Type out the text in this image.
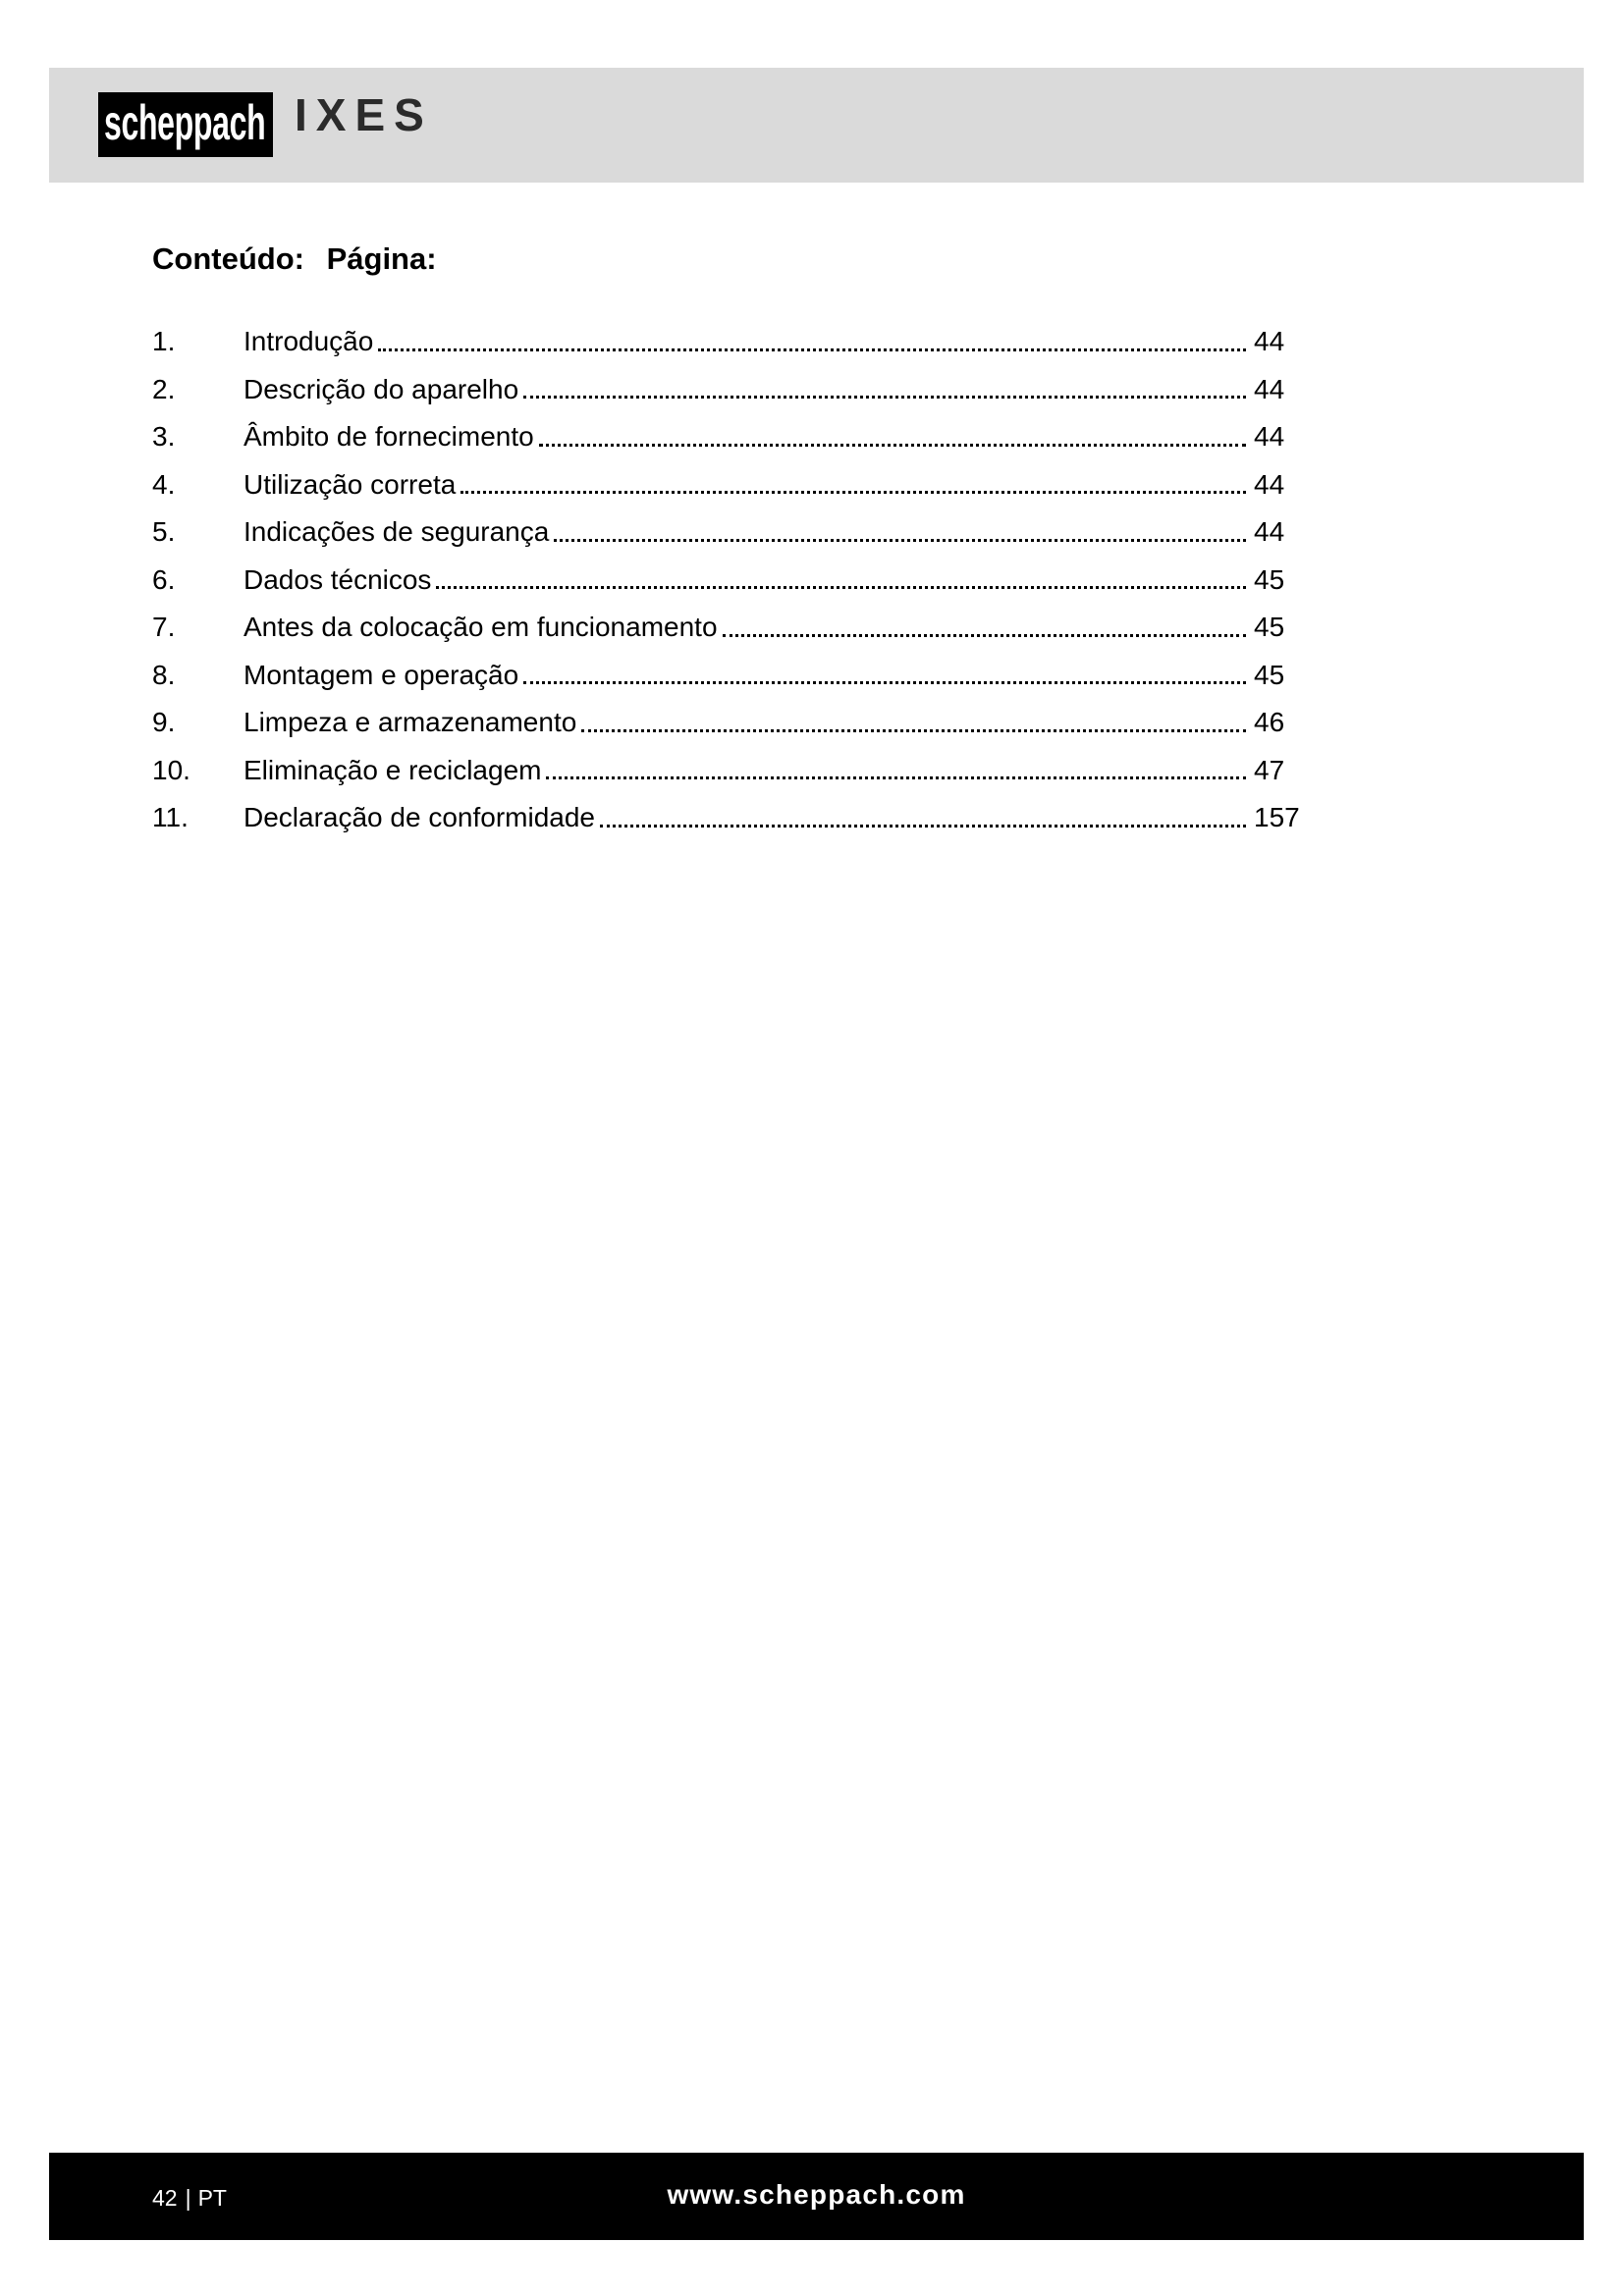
scheppach IXES
Conteúdo: Página:
1.	Introdução	44
2.	Descrição do aparelho	44
3.	Âmbito de fornecimento	44
4.	Utilização correta	44
5.	Indicações de segurança	44
6.	Dados técnicos	45
7.	Antes da colocação em funcionamento	45
8.	Montagem e operação	45
9.	Limpeza e armazenamento	46
10.	Eliminação e reciclagem	47
11.	Declaração de conformidade	157
42 | PT	www.scheppach.com
